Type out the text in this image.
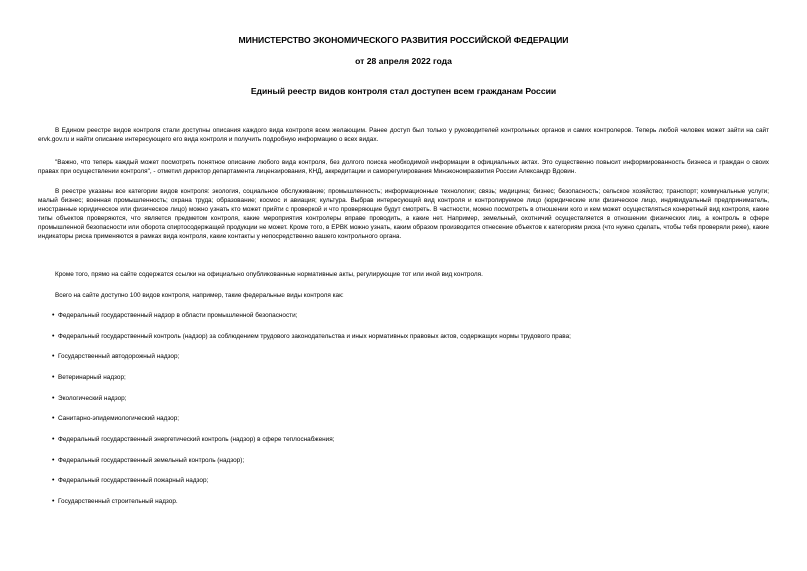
МИНИСТЕРСТВО ЭКОНОМИЧЕСКОГО РАЗВИТИЯ РОССИЙСКОЙ ФЕДЕРАЦИИ
от 28 апреля 2022 года
Единый реестр видов контроля стал доступен всем гражданам России
В Едином реестре видов контроля стали доступны описания каждого вида контроля всем желающим. Ранее доступ был только у руководителей контрольных органов и самих контролеров. Теперь любой человек может зайти на сайт ervk.gov.ru и найти описание интересующего его вида контроля и получить подробную информацию о всех видах.
"Важно, что теперь каждый может посмотреть понятное описание любого вида контроля, без долгого поиска необходимой информации в официальных актах. Это существенно повысит информированность бизнеса и граждан о своих правах при осуществлении контроля", - отметил директор департамента лицензирования, КНД, аккредитации и саморегулирования Минэкономразвития России Александр Вдовин.
В реестре указаны все категории видов контроля: экология, социальное обслуживание; промышленность; информационные технологии; связь; медицина; бизнес; безопасность; сельское хозяйство; транспорт; коммунальные услуги; малый бизнес; военная промышленность; охрана труда; образование; космос и авиация; культура. Выбрав интересующий вид контроля и контролируемое лицо (юридические или физическое лицо, индивидуальный предприниматель, иностранные юридическое или физическое лицо) можно узнать кто может прийти с проверкой и что проверяющие будут смотреть. В частности, можно посмотреть в отношении кого и кем может осуществляться конкретный вид контроля, какие типы объектов проверяются, что является предметом контроля, какие мероприятия контролеры вправе проводить, а какие нет. Например, земельный, охотничий осуществляется в отношении физических лиц, а контроль в сфере промышленной безопасности или оборота спиртосодержащей продукции не может. Кроме того, в ЕРВК можно узнать, каким образом производится отнесение объектов к категориям риска (что нужно сделать, чтобы тебя проверяли реже), какие индикаторы риска применяются в рамках вида контроля, какие контакты у непосредственно вашего контрольного органа.
Кроме того, прямо на сайте содержатся ссылки на официально опубликованные нормативные акты, регулирующие тот или иной вид контроля.
Всего на сайте доступно 100 видов контроля, например, такие федеральные виды контроля как:
• Федеральный государственный надзор в области промышленной безопасности;
• Федеральный государственный контроль (надзор) за соблюдением трудового законодательства и иных нормативных правовых актов, содержащих нормы трудового права;
• Государственный автодорожный надзор;
• Ветеринарный надзор;
• Экологический надзор;
• Санитарно-эпидемиологический надзор;
• Федеральный государственный энергетический контроль (надзор) в сфере теплоснабжения;
• Федеральный государственный земельный контроль (надзор);
• Федеральный государственный пожарный надзор;
• Государственный строительный надзор.
